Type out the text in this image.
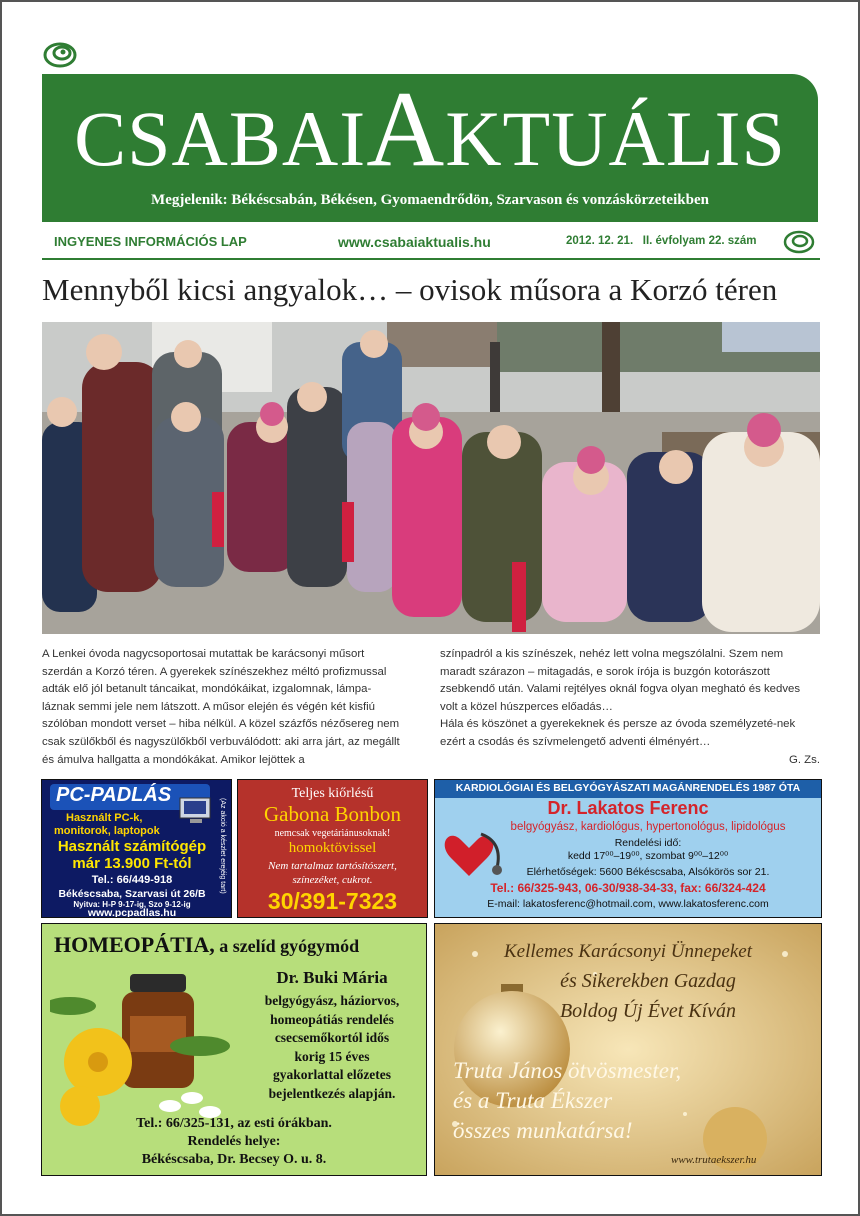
CSABAIAKTUÁLIS
Megjelenik: Békéscsabán, Békésen, Gyomaendrődön, Szarvason és vonzáskörzeteikben
INGYENES INFORMÁCIÓS LAP	www.csabaiaktualis.hu	2012. 12. 21. II. évfolyam 22. szám
Mennyből kicsi angyalok… – ovisok műsora a Korzó téren
A Lenkei óvoda nagycsoportosai mutattak be karácsonyi műsort szerdán a Korzó téren. A gyerekek színészekhez méltó profizmussal adták elő jól betanult táncaikat, mondókáikat, izgalomnak, lámpa-láznak semmi jele nem látszott. A műsor elején és végén két kisfiú szólóban mondott verset – hiba nélkül. A közel százfős nézősereg nem csak szülőkből és nagyszülőkből verbuválódott: aki arra járt, az megállt és ámulva hallgatta a mondókákat. Amikor lejöttek a
színpadról a kis színészek, nehéz lett volna megszólalni. Szem nem maradt szárazon – mitagadás, e sorok írója is buzgón kotorászott zsebkendő után. Valami rejtélyes oknál fogva olyan megható és kedves volt a közel húszperces előadás…
Hála és köszönet a gyerekeknek és persze az óvoda személyzeté-nek ezért a csodás és szívmelengető adventi élményért…
G. Zs.
PC-PADLÁS
Használt PC-k,
monitorok, laptopok
Használt számítógép
már 13.900 Ft-tól
Tel.: 66/449-918
Békéscsaba, Szarvasi út 26/B
Nyitva: H-P 9-17-ig, Szo 9-12-ig
www.pcpadlas.hu
(Az akció a készlet erejéig tart)
Teljes kiőrlésű
Gabona Bonbon
nemcsak vegetáriánusoknak!
homoktövissel
Nem tartalmaz tartósítószert,
színezéket, cukrot.
30/391-7323
KARDIOLÓGIAI ÉS BELGYÓGYÁSZATI MAGÁNRENDELÉS 1987 ÓTA
Dr. Lakatos Ferenc
belgyógyász, kardiológus, hypertonológus, lipidológus
Rendelési idő:
kedd 17⁰⁰–19⁰⁰, szombat 9⁰⁰–12⁰⁰
Elérhetőségek: 5600 Békéscsaba, Alsókörös sor 21.
Tel.: 66/325-943, 06-30/938-34-33, fax: 66/324-424
E-mail: lakatosferenc@hotmail.com, www.lakatosferenc.com
HOMEOPÁTIA, a szelíd gyógymód
Dr. Buki Mária
belgyógyász, háziorvos,
homeopátiás rendelés
csecsemőkortól idős
korig 15 éves
gyakorlattal előzetes
bejelentkezés alapján.
Tel.: 66/325-131, az esti órákban.
Rendelés helye:
Békéscsaba, Dr. Becsey O. u. 8.
Kellemes Karácsonyi Ünnepeket
és Sikerekben Gazdag
Boldog Új Évet Kíván
Truta János ötvösmester,
és a Truta Ékszer
összes munkatársa!
www.trutaekszer.hu
